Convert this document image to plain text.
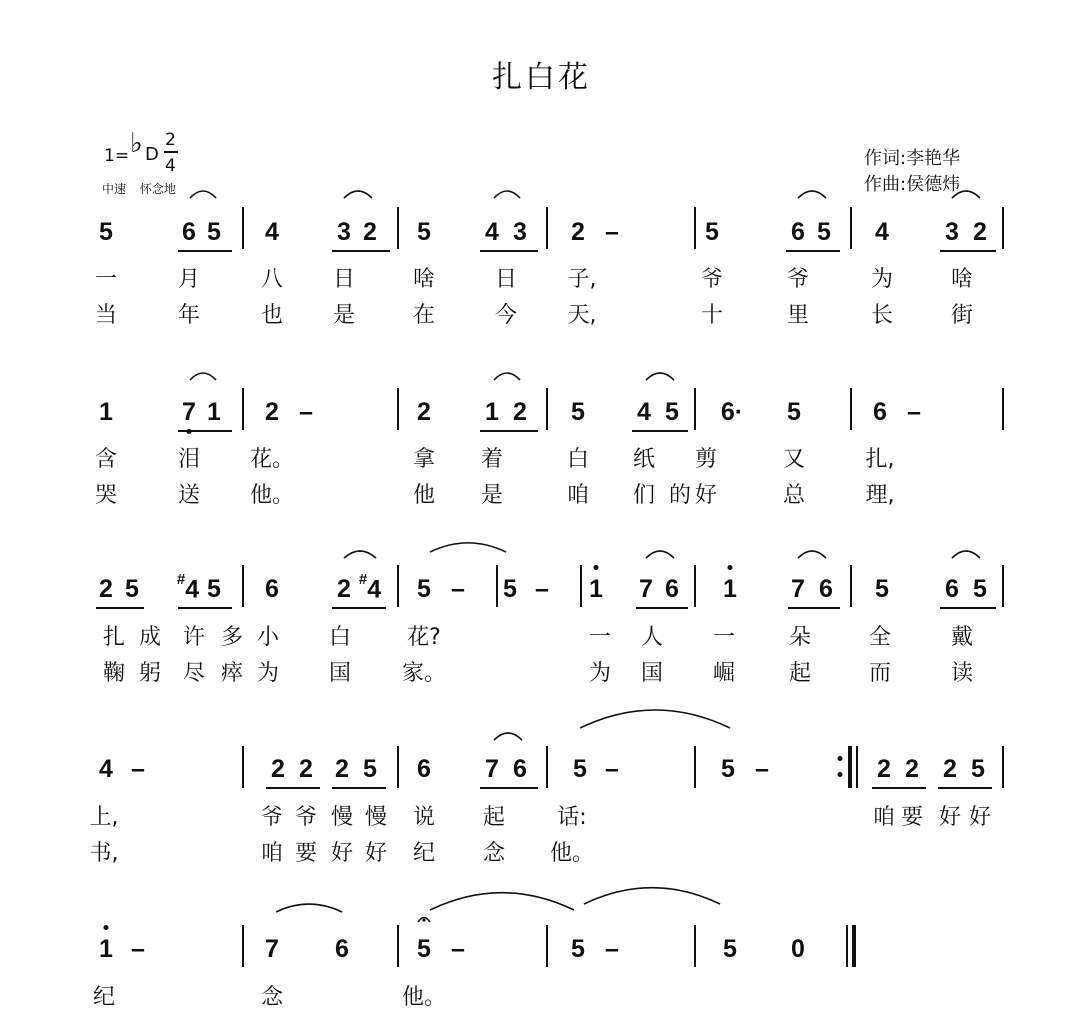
扎白花
1= ♭ D
2
4
中速 怀念地
作词:李艳华
作曲:侯德炜
5	6 5 4 3 2 5 4 3 2 –	5	6 5 4 3 2
一	月	八 日	啥	日 子,	爷	爷	为	啥
当	年	也 是	在	今 天,	十	里	长	街
1	7 1 2 –	2 1 2 5 4 5 6· 5	6 –
含	泪 花。	拿 着	白 纸 剪	又	扎,
哭	送 他。	他 是	咱 们 的 好	总	理,
2 5	#4 5 6 2 #4 5 – 5 – 1 7 6 1 7 6 5 6 5
扎 成 许 多 小 白	花?	一 人 一 朵	全	戴
鞠 躬 尽 瘁 为 国 家。	为 国 崛 起	而	读
4 –	2 2 2 5 6 7 6 5 –	5 –	2 2 2 5
上,	爷 爷 慢 慢 说 起 话:	咱 要 好 好
书,	咱 要 好 好 纪 念 他。
1 –	7 6	5 –	5 –	5 0
纪	念	他。
